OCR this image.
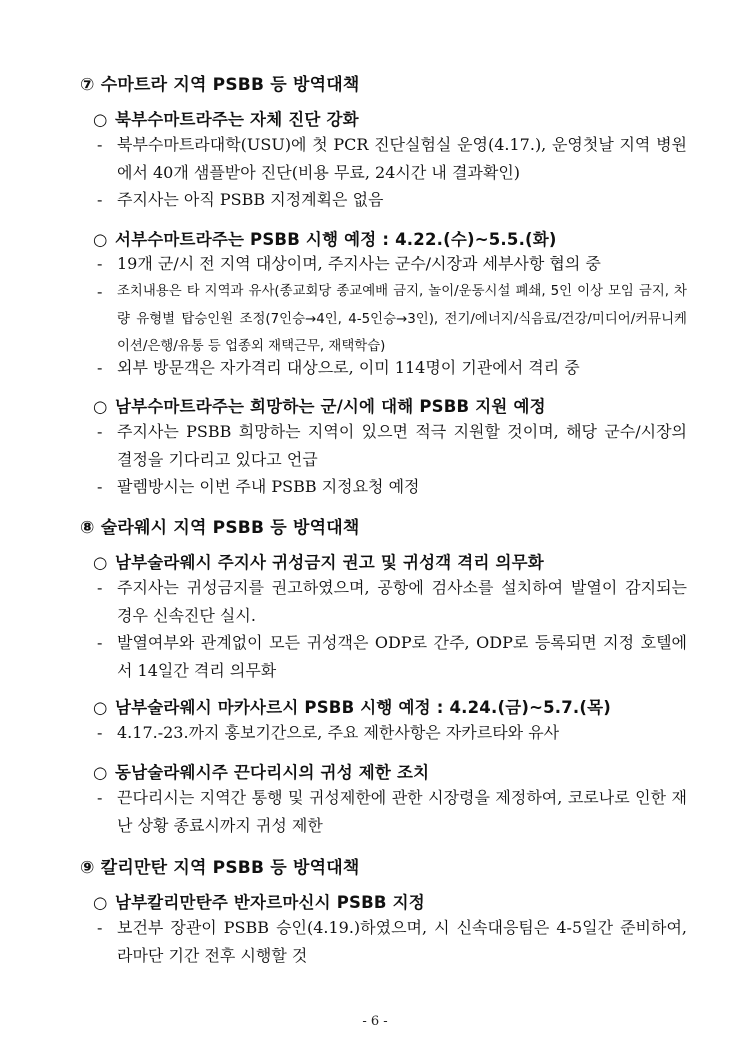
⑦ 수마트라 지역 PSBB 등 방역대책
○ 북부수마트라주는 자체 진단 강화
- 북부수마트라대학(USU)에 첫 PCR 진단실험실 운영(4.17.), 운영첫날 지역 병원에서 40개 샘플받아 진단(비용 무료, 24시간 내 결과확인)
- 주지사는 아직 PSBB 지정계획은 없음
○ 서부수마트라주는 PSBB 시행 예정 : 4.22.(수)~5.5.(화)
- 19개 군/시 전 지역 대상이며, 주지사는 군수/시장과 세부사항 협의 중
- 조치내용은 타 지역과 유사(종교회당 종교예배 금지, 놀이/운동시설 폐쇄, 5인 이상 모임 금지, 차량 유형별 탑승인원 조정(7인승→4인, 4-5인승→3인), 전기/에너지/식음료/건강/미디어/커뮤니케이션/은행/유통 등 업종외 재택근무, 재택학습)
- 외부 방문객은 자가격리 대상으로, 이미 114명이 기관에서 격리 중
○ 남부수마트라주는 희망하는 군/시에 대해 PSBB 지원 예정
- 주지사는 PSBB 희망하는 지역이 있으면 적극 지원할 것이며, 해당 군수/시장의 결정을 기다리고 있다고 언급
- 팔렘방시는 이번 주내 PSBB 지정요청 예정
⑧ 술라웨시 지역 PSBB 등 방역대책
○ 남부술라웨시 주지사 귀성금지 권고 및 귀성객 격리 의무화
- 주지사는 귀성금지를 권고하였으며, 공항에 검사소를 설치하여 발열이 감지되는 경우 신속진단 실시.
- 발열여부와 관계없이 모든 귀성객은 ODP로 간주, ODP로 등록되면 지정 호텔에서 14일간 격리 의무화
○ 남부술라웨시 마카사르시 PSBB 시행 예정 : 4.24.(금)~5.7.(목)
- 4.17.-23.까지 홍보기간으로, 주요 제한사항은 자카르타와 유사
○ 동남술라웨시주 끈다리시의 귀성 제한 조치
- 끈다리시는 지역간 통행 및 귀성제한에 관한 시장령을 제정하여, 코로나로 인한 재난 상황 종료시까지 귀성 제한
⑨ 칼리만탄 지역 PSBB 등 방역대책
○ 남부칼리만탄주 반자르마신시 PSBB 지정
- 보건부 장관이 PSBB 승인(4.19.)하였으며, 시 신속대응팀은 4-5일간 준비하여, 라마단 기간 전후 시행할 것
- 6 -
